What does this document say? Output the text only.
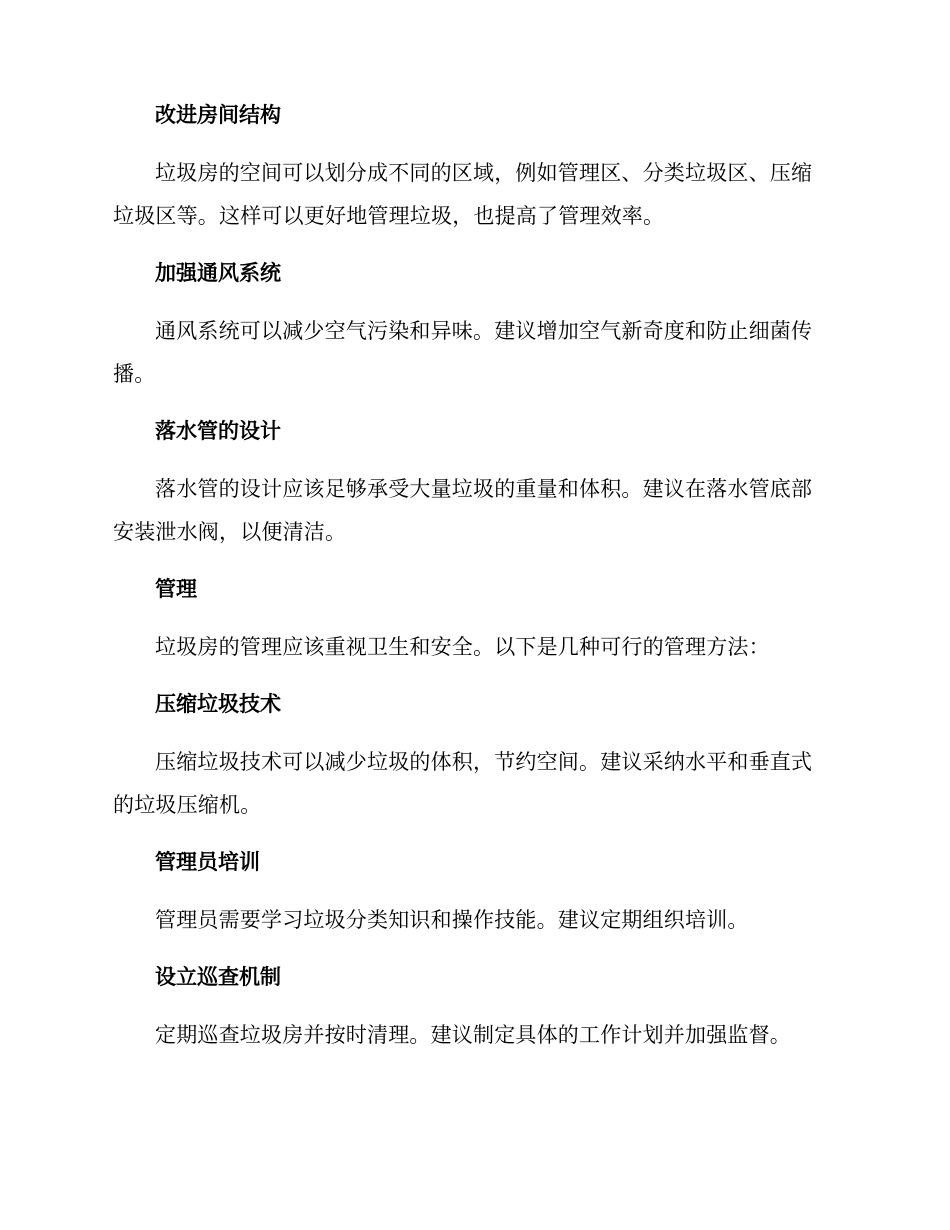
改进房间结构

垃圾房的空间可以划分成不同的区域，例如管理区、分类垃圾区、压缩垃圾区等。这样可以更好地管理垃圾，也提高了管理效率。

加强通风系统

通风系统可以减少空气污染和异味。建议增加空气新奇度和防止细菌传播。

落水管的设计

落水管的设计应该足够承受大量垃圾的重量和体积。建议在落水管底部安装泄水阀，以便清洁。

管理

垃圾房的管理应该重视卫生和安全。以下是几种可行的管理方法：

压缩垃圾技术

压缩垃圾技术可以减少垃圾的体积，节约空间。建议采纳水平和垂直式的垃圾压缩机。

管理员培训

管理员需要学习垃圾分类知识和操作技能。建议定期组织培训。

设立巡查机制

定期巡查垃圾房并按时清理。建议制定具体的工作计划并加强监督。
